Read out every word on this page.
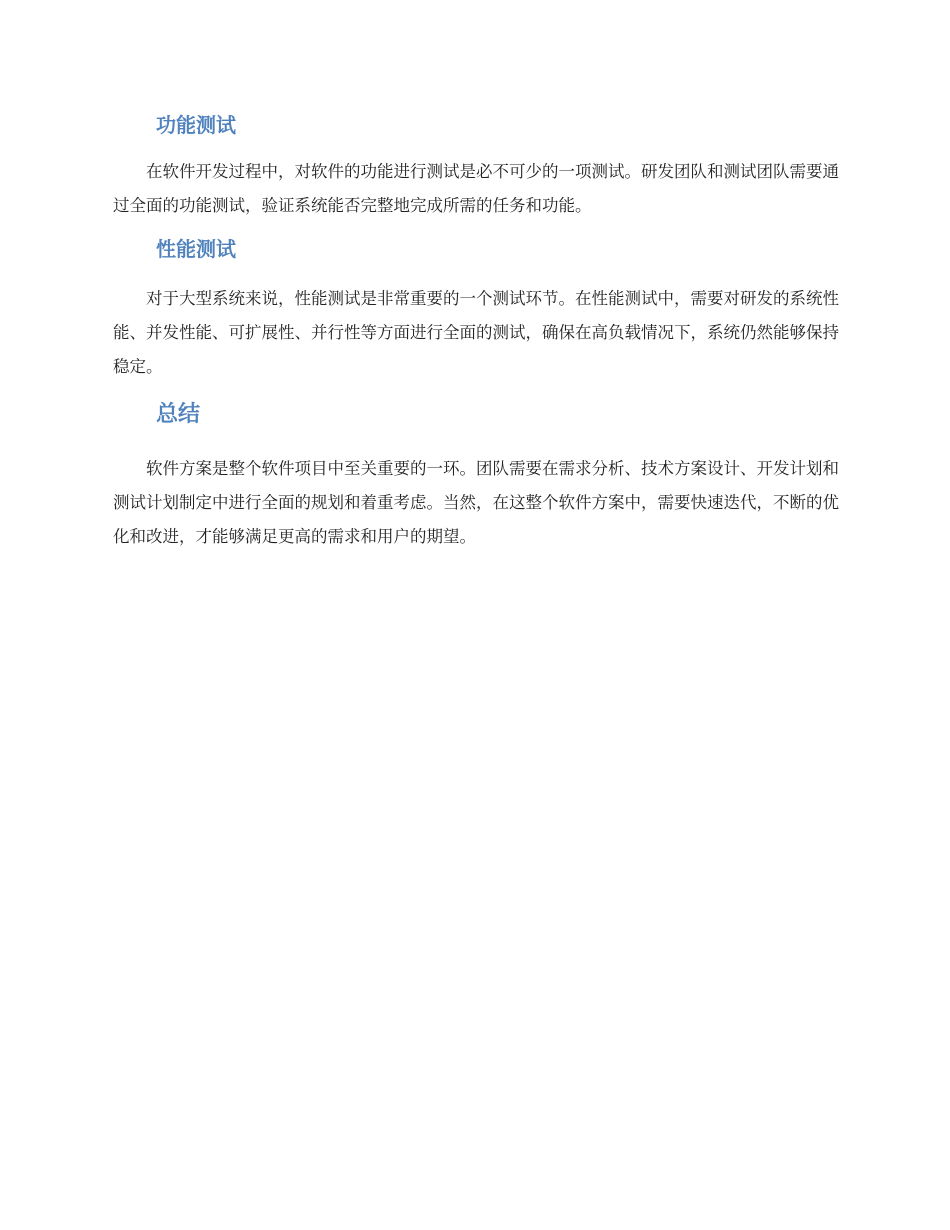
功能测试

在软件开发过程中，对软件的功能进行测试是必不可少的一项测试。研发团队和测试团队需要通过全面的功能测试，验证系统能否完整地完成所需的任务和功能。

性能测试

对于大型系统来说，性能测试是非常重要的一个测试环节。在性能测试中，需要对研发的系统性能、并发性能、可扩展性、并行性等方面进行全面的测试，确保在高负载情况下，系统仍然能够保持稳定。

总结

软件方案是整个软件项目中至关重要的一环。团队需要在需求分析、技术方案设计、开发计划和测试计划制定中进行全面的规划和着重考虑。当然，在这整个软件方案中，需要快速迭代，不断的优化和改进，才能够满足更高的需求和用户的期望。
